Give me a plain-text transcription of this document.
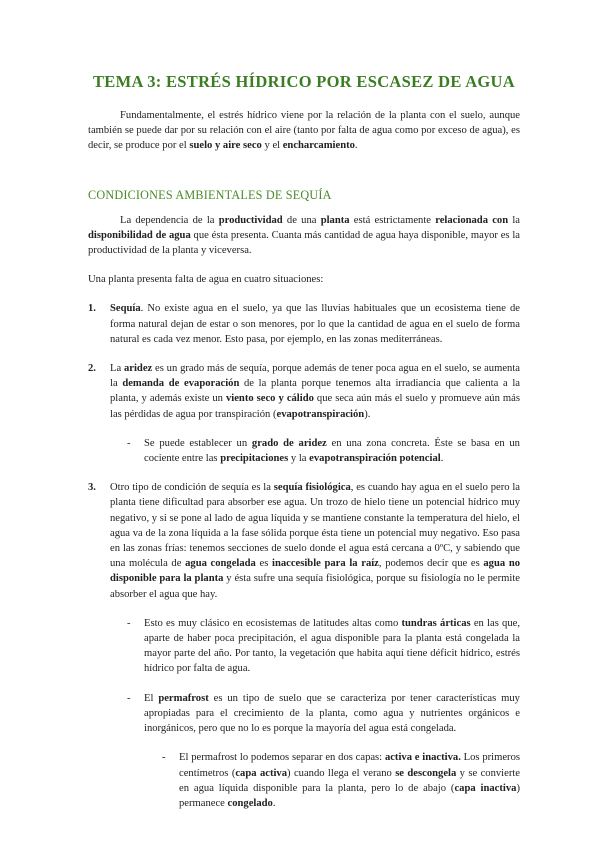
TEMA 3: ESTRÉS HÍDRICO POR ESCASEZ DE AGUA

Fundamentalmente, el estrés hídrico viene por la relación de la planta con el suelo, aunque también se puede dar por su relación con el aire (tanto por falta de agua como por exceso de agua), es decir, se produce por el suelo y aire seco y el encharcamiento.

CONDICIONES AMBIENTALES DE SEQUÍA

La dependencia de la productividad de una planta está estrictamente relacionada con la disponibilidad de agua que ésta presenta. Cuanta más cantidad de agua haya disponible, mayor es la productividad de la planta y viceversa.

Una planta presenta falta de agua en cuatro situaciones:

1. Sequía. No existe agua en el suelo, ya que las lluvias habituales que un ecosistema tiene de forma natural dejan de estar o son menores, por lo que la cantidad de agua en el suelo de forma natural es cada vez menor. Esto pasa, por ejemplo, en las zonas mediterráneas.

2. La aridez es un grado más de sequía, porque además de tener poca agua en el suelo, se aumenta la demanda de evaporación de la planta porque tenemos alta irradiancia que calienta a la planta, y además existe un viento seco y cálido que seca aún más el suelo y promueve aún más las pérdidas de agua por transpiración (evapotranspiración).

- Se puede establecer un grado de aridez en una zona concreta. Éste se basa en un cociente entre las precipitaciones y la evapotranspiración potencial.

3. Otro tipo de condición de sequía es la sequía fisiológica, es cuando hay agua en el suelo pero la planta tiene dificultad para absorber ese agua. Un trozo de hielo tiene un potencial hídrico muy negativo, y si se pone al lado de agua líquida y se mantiene constante la temperatura del hielo, el agua va de la zona líquida a la fase sólida porque ésta tiene un potencial muy negativo. Eso pasa en las zonas frías: tenemos secciones de suelo donde el agua está cercana a 0ºC, y sabiendo que una molécula de agua congelada es inaccesible para la raíz, podemos decir que es agua no disponible para la planta y ésta sufre una sequía fisiológica, porque su fisiología no le permite absorber el agua que hay.

- Esto es muy clásico en ecosistemas de latitudes altas como tundras árticas en las que, aparte de haber poca precipitación, el agua disponible para la planta está congelada la mayor parte del año. Por tanto, la vegetación que habita aquí tiene déficit hídrico, estrés hídrico por falta de agua.

- El permafrost es un tipo de suelo que se caracteriza por tener características muy apropiadas para el crecimiento de la planta, como agua y nutrientes orgánicos e inorgánicos, pero que no lo es porque la mayoría del agua está congelada.

- El permafrost lo podemos separar en dos capas: activa e inactiva. Los primeros centímetros (capa activa) cuando llega el verano se descongela y se convierte en agua líquida disponible para la planta, pero lo de abajo (capa inactiva) permanece congelado.
